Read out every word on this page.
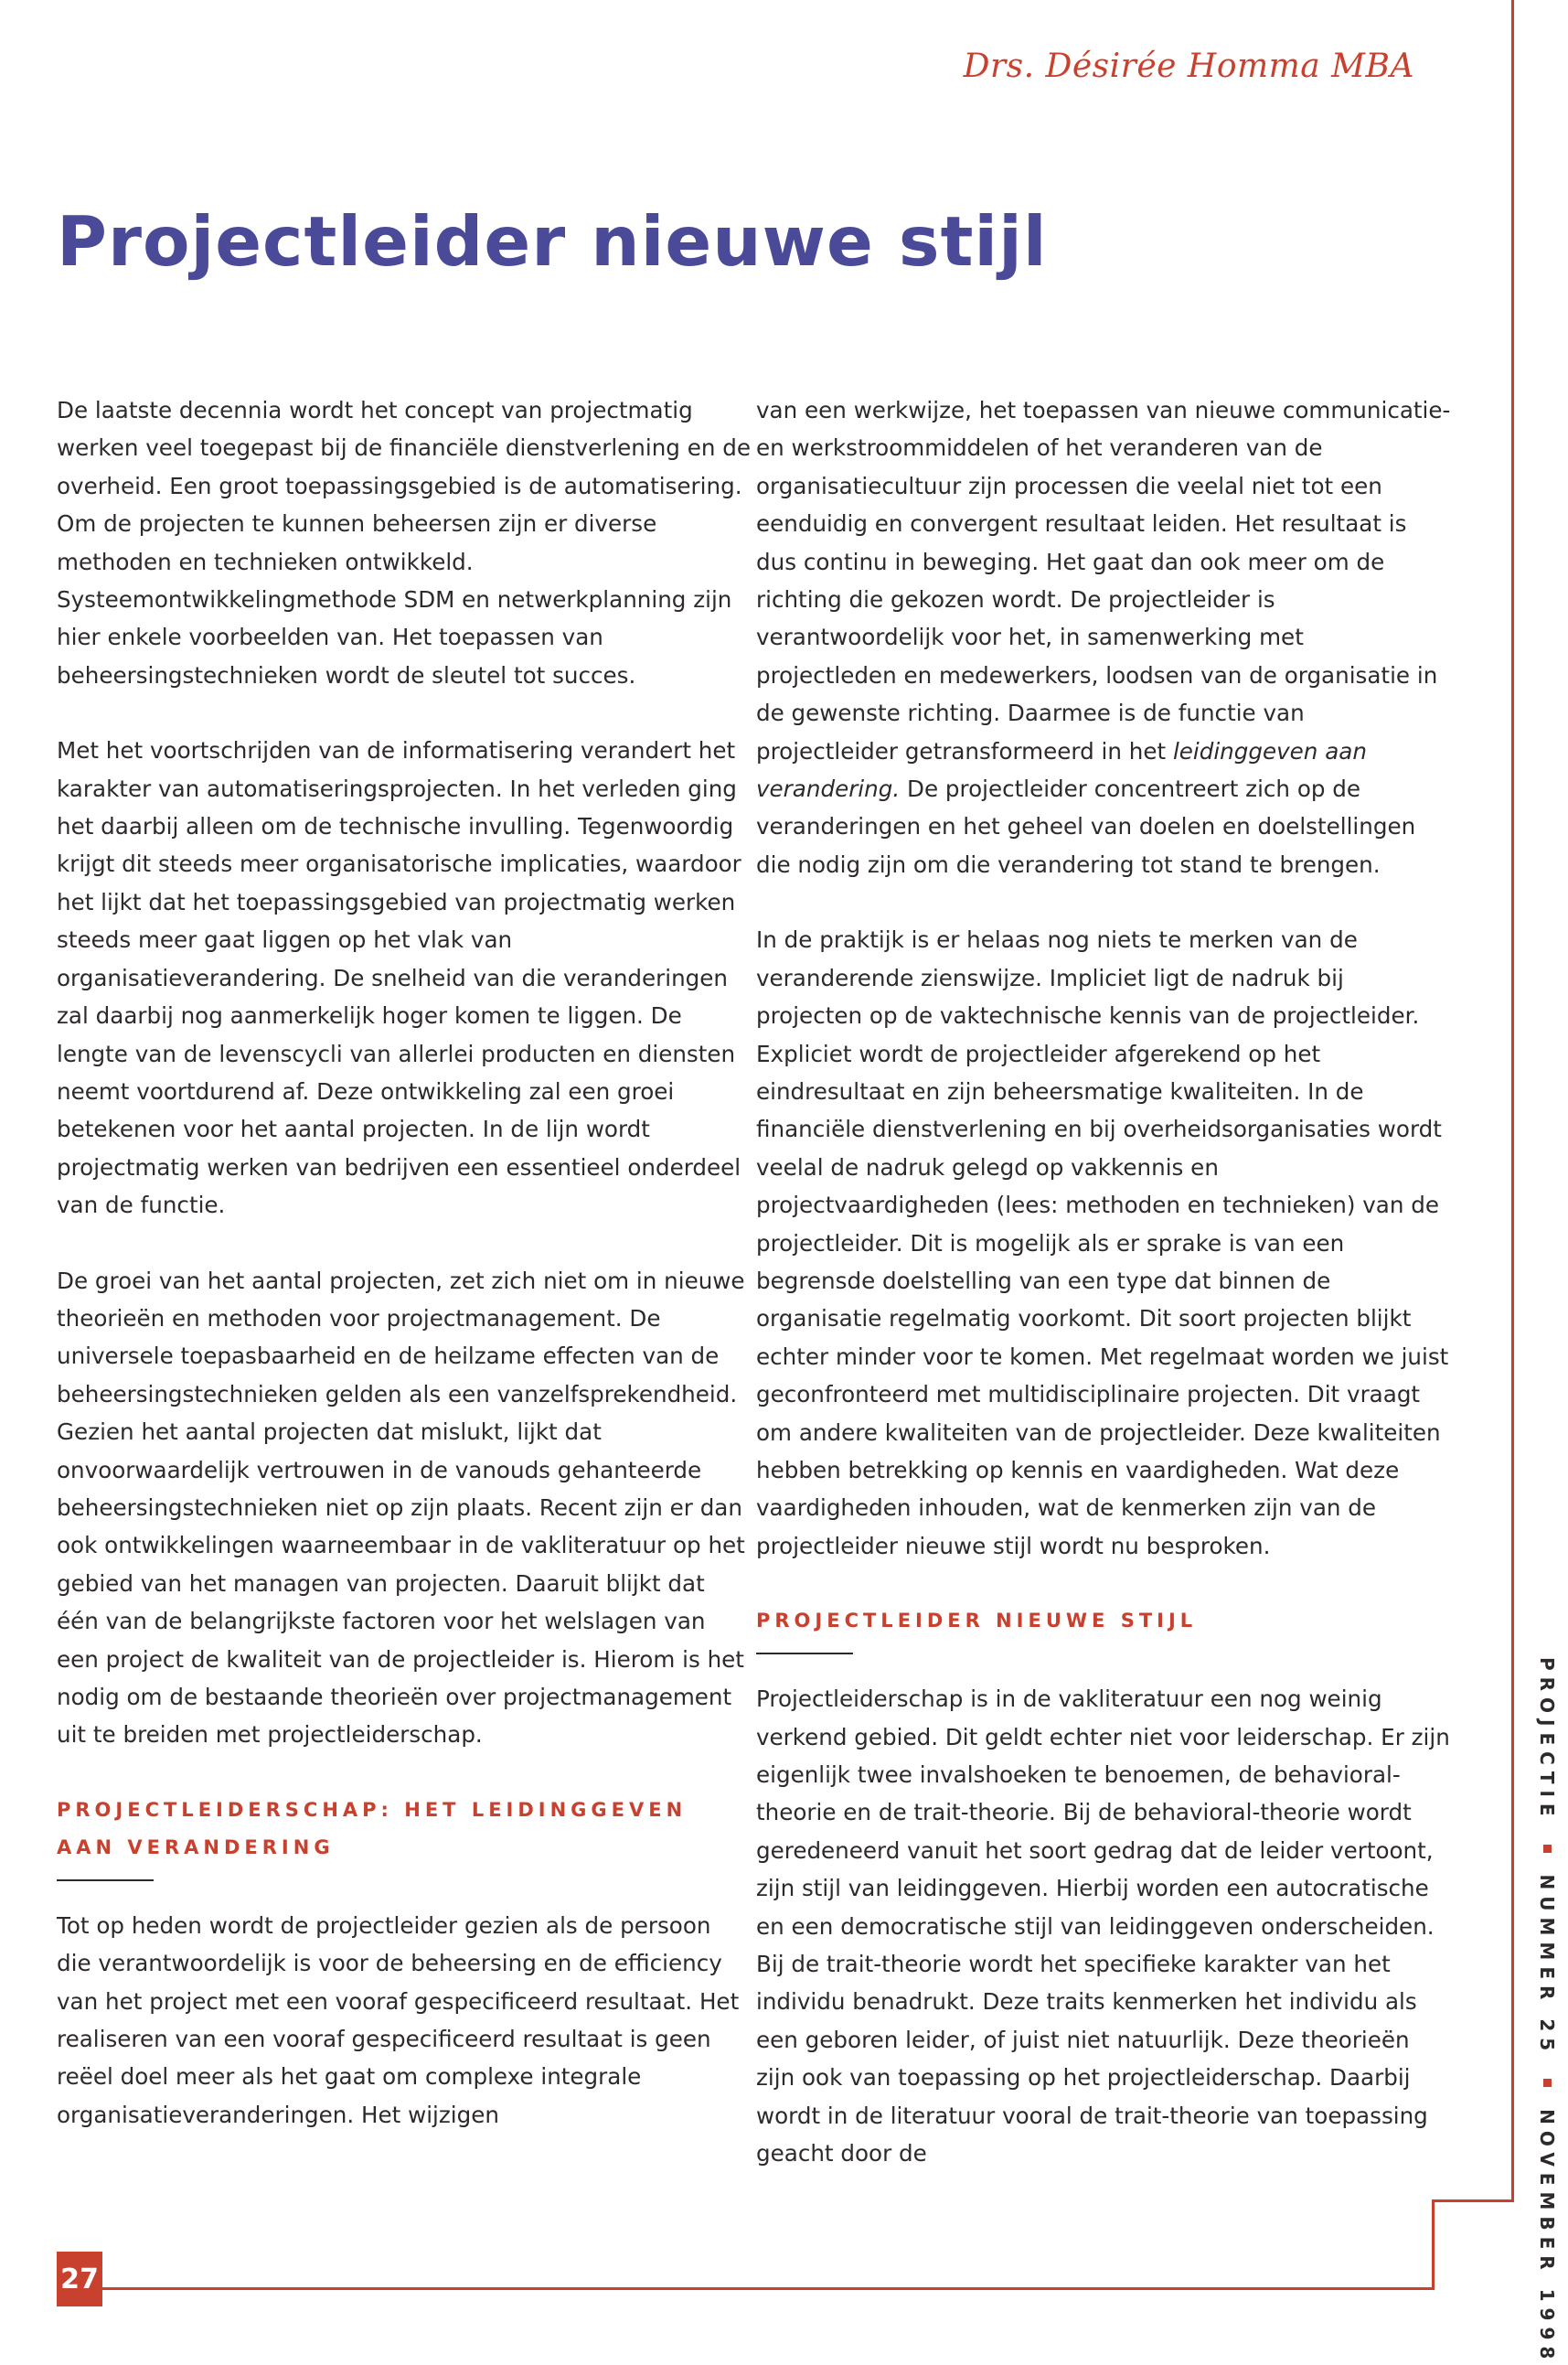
Drs. Désirée Homma MBA
Projectleider nieuwe stijl

De laatste decennia wordt het concept van projectmatig werken veel toegepast bij de financiële dienstverlening en de overheid. Een groot toepassingsgebied is de automatisering. Om de projecten te kunnen beheersen zijn er diverse methoden en technieken ontwikkeld. Systeemontwikkelingmethode SDM en netwerkplanning zijn hier enkele voorbeelden van. Het toepassen van beheersingstechnieken wordt de sleutel tot succes.

Met het voortschrijden van de informatisering verandert het karakter van automatiseringsprojecten. In het verleden ging het daarbij alleen om de technische invulling. Tegenwoordig krijgt dit steeds meer organisatorische implicaties, waardoor het lijkt dat het toepassingsgebied van projectmatig werken steeds meer gaat liggen op het vlak van organisatieverandering. De snelheid van die veranderingen zal daarbij nog aanmerkelijk hoger komen te liggen. De lengte van de levenscycli van allerlei producten en diensten neemt voortdurend af. Deze ontwikkeling zal een groei betekenen voor het aantal projecten. In de lijn wordt projectmatig werken van bedrijven een essentieel onderdeel van de functie.

De groei van het aantal projecten, zet zich niet om in nieuwe theorieën en methoden voor projectmanagement. De universele toepasbaarheid en de heilzame effecten van de beheersingstechnieken gelden als een vanzelfsprekendheid. Gezien het aantal projecten dat mislukt, lijkt dat onvoorwaardelijk vertrouwen in de vanouds gehanteerde beheersingstechnieken niet op zijn plaats. Recent zijn er dan ook ontwikkelingen waarneembaar in de vakliteratuur op het gebied van het managen van projecten. Daaruit blijkt dat één van de belangrijkste factoren voor het welslagen van een project de kwaliteit van de projectleider is. Hierom is het nodig om de bestaande theorieën over projectmanagement uit te breiden met projectleiderschap.

PROJECTLEIDERSCHAP: HET LEIDINGGEVEN AAN VERANDERING

Tot op heden wordt de projectleider gezien als de persoon die verantwoordelijk is voor de beheersing en de efficiency van het project met een vooraf gespecificeerd resultaat. Het realiseren van een vooraf gespecificeerd resultaat is geen reëel doel meer als het gaat om complexe integrale organisatieveranderingen. Het wijzigen

van een werkwijze, het toepassen van nieuwe communicatie- en werkstroommiddelen of het veranderen van de organisatiecultuur zijn processen die veelal niet tot een eenduidig en convergent resultaat leiden. Het resultaat is dus continu in beweging. Het gaat dan ook meer om de richting die gekozen wordt. De projectleider is verantwoordelijk voor het, in samenwerking met projectleden en medewerkers, loodsen van de organisatie in de gewenste richting. Daarmee is de functie van projectleider getransformeerd in het leidinggeven aan verandering. De projectleider concentreert zich op de veranderingen en het geheel van doelen en doelstellingen die nodig zijn om die verandering tot stand te brengen.

In de praktijk is er helaas nog niets te merken van de veranderende zienswijze. Impliciet ligt de nadruk bij projecten op de vaktechnische kennis van de projectleider. Expliciet wordt de projectleider afgerekend op het eindresultaat en zijn beheersmatige kwaliteiten. In de financiële dienstverlening en bij overheidsorganisaties wordt veelal de nadruk gelegd op vakkennis en projectvaardigheden (lees: methoden en technieken) van de projectleider. Dit is mogelijk als er sprake is van een begrensde doelstelling van een type dat binnen de organisatie regelmatig voorkomt. Dit soort projecten blijkt echter minder voor te komen. Met regelmaat worden we juist geconfronteerd met multidisciplinaire projecten. Dit vraagt om andere kwaliteiten van de projectleider. Deze kwaliteiten hebben betrekking op kennis en vaardigheden. Wat deze vaardigheden inhouden, wat de kenmerken zijn van de projectleider nieuwe stijl wordt nu besproken.

PROJECTLEIDER NIEUWE STIJL

Projectleiderschap is in de vakliteratuur een nog weinig verkend gebied. Dit geldt echter niet voor leiderschap. Er zijn eigenlijk twee invalshoeken te benoemen, de behavioral-theorie en de trait-theorie. Bij de behavioral-theorie wordt geredeneerd vanuit het soort gedrag dat de leider vertoont, zijn stijl van leidinggeven. Hierbij worden een autocratische en een democratische stijl van leidinggeven onderscheiden. Bij de trait-theorie wordt het specifieke karakter van het individu benadrukt. Deze traits kenmerken het individu als een geboren leider, of juist niet natuurlijk. Deze theorieën zijn ook van toepassing op het projectleiderschap. Daarbij wordt in de literatuur vooral de trait-theorie van toepassing geacht door de

PROJECTIE  NUMMER 25  NOVEMBER 1998
27
